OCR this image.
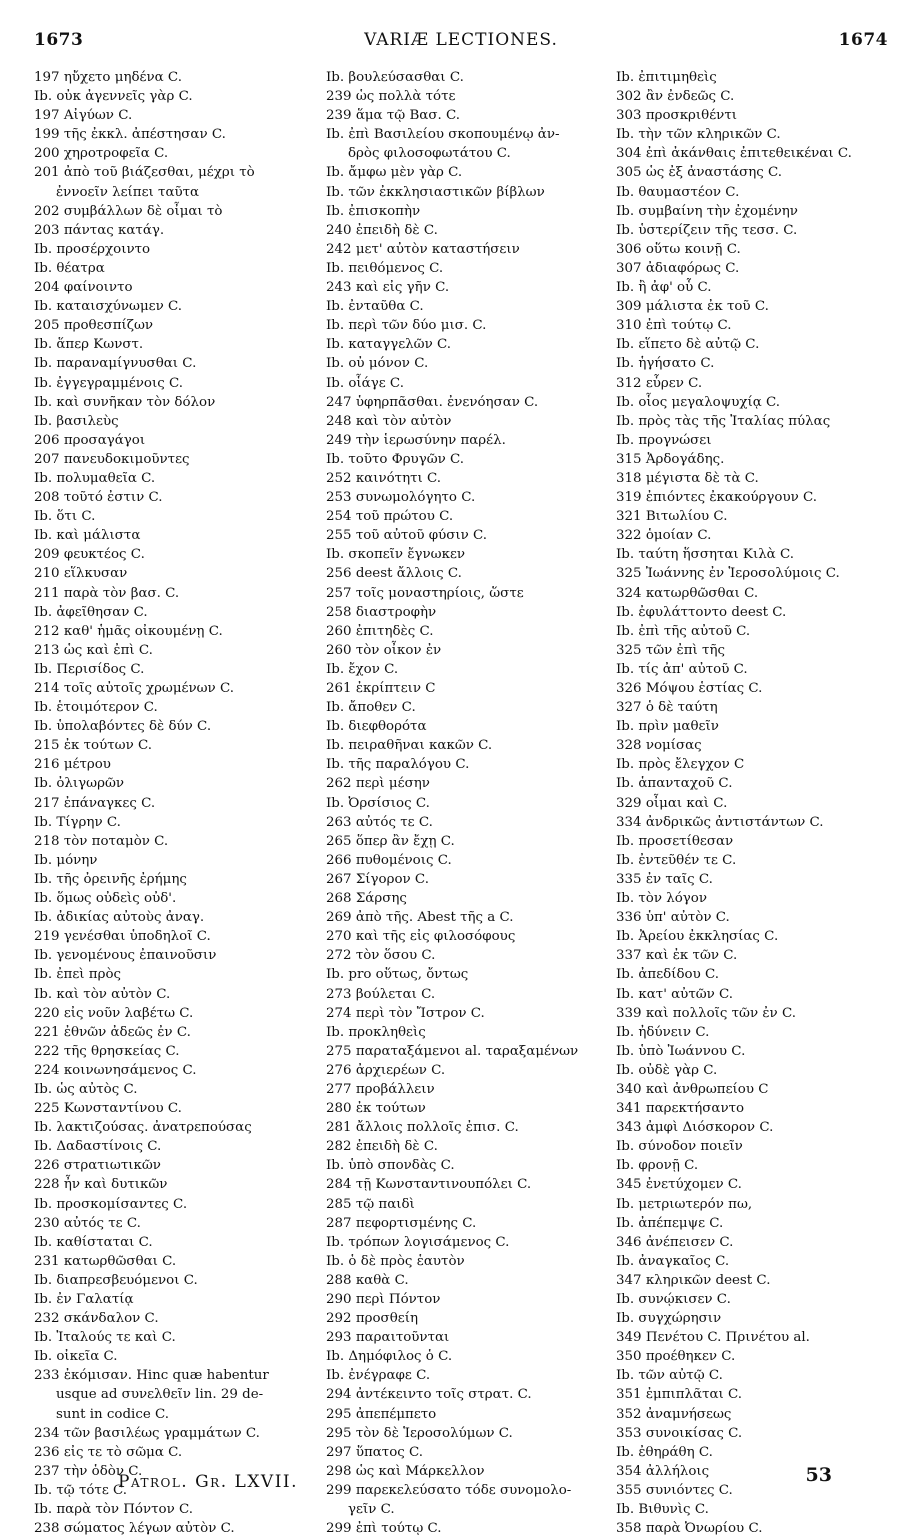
1673	VARIÆ LECTIONES.	1674
197 ηὔχετο μηδένα C.
Ib. οὐκ ἀγεννεῖς γὰρ C.
197 Αἰγύων C.
199 τῆς ἐκκλ. ἀπέστησαν C.
200 χηροτροφεῖα C.
201 ἀπὸ τοῦ βιάζεσθαι, μέχρι τὸ
ἐννοεῖν λείπει ταῦτα
202 συμβάλλων δὲ οἶμαι τὸ
203 πάντας κατάγ.
Ib. προσέρχοιντο
Ib. θέατρα
204 φαίνοιντο
Ib. καταισχύνωμεν C.
205 προθεσπίζων
Ib. ἅπερ Κωνστ.
Ib. παραναμίγνυσθαι C.
Ib. ἐγγεγραμμένοις C.
Ib. καὶ συνῆκαν τὸν δόλον
Ib. βασιλεὺς
206 προσαγάγοι
207 πανευδοκιμοῦντες
Ib. πολυμαθεῖα C.
208 τοῦτό ἐστιν C.
Ib. ὅτι C.
Ib. καὶ μάλιστα
209 φευκτέος C.
210 εἵλκυσαν
211 παρὰ τὸν βασ. C.
Ib. ἀφεῖθησαν C.
212 καθ' ἡμᾶς οἰκουμένῃ C.
213 ὡς καὶ ἐπὶ C.
Ib. Περισίδος C.
214 τοῖς αὐτοῖς χρωμένων C.
Ib. ἑτοιμότερον C.
Ib. ὑπολαβόντες δὲ δύν C.
215 ἐκ τούτων C.
216 μέτρου
Ib. ὀλιγωρῶν
217 ἐπάναγκες C.
Ib. Τίγρην C.
218 τὸν ποταμὸν C.
Ib. μόνην
Ib. τῆς ὀρεινῆς ἐρήμης
Ib. ὅμως οὐδεὶς οὐδ'.
Ib. ἀδικίας αὐτοὺς ἀναγ.
219 γενέσθαι ὑποδηλοῖ C.
Ib. γενομένους ἐπαινοῦσιν
Ib. ἐπεὶ πρὸς
Ib. καὶ τὸν αὐτὸν C.
220 εἰς νοῦν λαβέτω C.
221 ἐθνῶν ἀδεῶς ἐν C.
222 τῆς θρησκείας C.
224 κοινωνησάμενος C.
Ib. ὡς αὐτὸς C.
225 Κωνσταντίνου C.
Ib. λακτιζούσας. ἀνατρεπούσας
Ib. Δαδαστίνοις C.
226 στρατιωτικῶν
228 ἦν καὶ δυτικῶν
Ib. προσκομίσαντες C.
230 αὐτός τε C.
Ib. καθίσταται C.
231 κατωρθῶσθαι C.
Ib. διαπρεσβευόμενοι C.
Ib. ἐν Γαλατίᾳ
232 σκάνδαλον C.
Ib. Ἰταλούς τε καὶ C.
Ib. οἰκεῖα C.
233 ἐκόμισαν. Hinc quæ habentur
usque ad συνελθεῖν lin. 29 de-
sunt in codice C.
234 τῶν βασιλέως γραμμάτων C.
236 εἰς τε τὸ σῶμα C.
237 τὴν ὁδὸν C.
Ib. τῷ τότε C.
Ib. παρὰ τὸν Πόντον C.
238 σώματος λέγων αὐτὸν C.
Ib. βουλεύσασθαι C.
239 ὡς πολλὰ τότε
239 ἅμα τῷ Βασ. C.
Ib. ἐπὶ Βασιλείου σκοπουμένῳ ἀν-
δρὸς φιλοσοφωτάτου C.
Ib. ἄμφω μὲν γὰρ C.
Ib. τῶν ἐκκλησιαστικῶν βίβλων
Ib. ἐπισκοπὴν
240 ἐπειδὴ δὲ C.
242 μετ' αὐτὸν καταστήσειν
Ib. πειθόμενος C.
243 καὶ εἰς γῆν C.
Ib. ἐνταῦθα C.
Ib. περὶ τῶν δύο μισ. C.
Ib. καταγγελῶν C.
Ib. οὐ μόνον C.
Ib. οἷάγε C.
247 ὑφηρπᾶσθαι. ἐνενόησαν C.
248 καὶ τὸν αὐτὸν
249 τὴν ἱερωσύνην παρέλ.
Ib. τοῦτο Φρυγῶν C.
252 καινότητι C.
253 συνωμολόγητο C.
254 τοῦ πρώτου C.
255 τοῦ αὐτοῦ φύσιν C.
Ib. σκοπεῖν ἔγνωκεν
256 deest ἄλλοις C.
257 τοῖς μοναστηρίοις, ὥστε
258 διαστροφὴν
260 ἐπιτηδὲς C.
260 τὸν οἶκον ἐν
Ib. ἔχον C.
261 ἐκρίπτειν C
Ib. ἄποθεν C.
Ib. διεφθορότα
Ib. πειραθῆναι κακῶν C.
Ib. τῆς παραλόγου C.
262 περὶ μέσην
Ib. Ὀρσίσιος C.
263 αὐτός τε C.
265 ὅπερ ἂν ἔχῃ C.
266 πυθομένοις C.
267 Σίγορον C.
268 Σάρσης
269 ἀπὸ τῆς. Abest τῆς a C.
270 καὶ τῆς εἰς φιλοσόφους
272 τὸν ὅσου C.
Ib. pro οὕτως, ὄντως
273 βούλεται C.
274 περὶ τὸν Ἴστρον C.
Ib. προκληθεὶς
275 παραταξάμενοι al. ταραξαμένων
276 ἀρχιερέων C.
277 προβάλλειν
280 ἐκ τούτων
281 ἄλλοις πολλοῖς ἐπισ. C.
282 ἐπειδὴ δὲ C.
Ib. ὑπὸ σπονδὰς C.
284 τῇ Κωνσταντινουπόλει C.
285 τῷ παιδὶ
287 πεφορτισμένης C.
Ib. τρόπων λογισάμενος C.
Ib. ὁ δὲ πρὸς ἑαυτὸν
288 καθὰ C.
290 περὶ Πόντον
292 προσθείη
293 παραιτοῦνται
Ib. Δημόφιλος ὁ C.
Ib. ἐνέγραφε C.
294 ἀντέκειντο τοῖς στρατ. C.
295 ἀπεπέμπετο
295 τὸν δὲ Ἱεροσολύμων C.
297 ὕπατος C.
298 ὡς καὶ Μάρκελλον
299 παρεκελεύσατο τόδε συνομολο-
γεῖν C.
299 ἐπὶ τούτῳ C.
Ib. ἐπιτιμηθεὶς
302 ἂν ἐνδεῶς C.
303 προσκριθέντι
Ib. τὴν τῶν κληρικῶν C.
304 ἐπὶ ἀκάνθαις ἐπιτεθεικέναι C.
305 ὡς ἐξ ἀναστάσης C.
Ib. θαυμαστέον C.
Ib. συμβαίνη τὴν ἐχομένην
Ib. ὑστερίζειν τῆς τεσσ. C.
306 οὕτω κοινῇ C.
307 ἀδιαφόρως C.
Ib. ἢ ἀφ' οὗ C.
309 μάλιστα ἐκ τοῦ C.
310 ἐπὶ τούτῳ C.
Ib. εἵπετο δὲ αὐτῷ C.
Ib. ἡγήσατο C.
312 εὗρεν C.
Ib. οἷος μεγαλοψυχίᾳ C.
Ib. πρὸς τὰς τῆς Ἰταλίας πύλας
Ib. προγνώσει
315 Ἀρδογάδης.
318 μέγιστα δὲ τὰ C.
319 ἐπιόντες ἐκακούργουν C.
321 Βιτωλίου C.
322 ὁμοίαν C.
Ib. ταύτη ἥσσηται Κιλὰ C.
325 Ἰωάννης ἐν Ἱεροσολύμοις C.
324 κατωρθῶσθαι C.
Ib. ἐφυλάττοντο deest C.
Ib. ἐπὶ τῆς αὐτοῦ C.
325 τῶν ἐπὶ τῆς
Ib. τίς ἀπ' αὐτοῦ C.
326 Μόψου ἑστίας C.
327 ὁ δὲ ταύτη
Ib. πρὶν μαθεῖν
328 νομίσας
Ib. πρὸς ἔλεγχον C
Ib. ἁπανταχοῦ C.
329 οἶμαι καὶ C.
334 ἀνδρικῶς ἀντιστάντων C.
Ib. προσετίθεσαν
Ib. ἐντεῦθέν τε C.
335 ἐν ταῖς C.
Ib. τὸν λόγον
336 ὑπ' αὐτὸν C.
Ib. Ἀρείου ἐκκλησίας C.
337 καὶ ἐκ τῶν C.
Ib. ἀπεδίδου C.
Ib. κατ' αὐτῶν C.
339 καὶ πολλοῖς τῶν ἐν C.
Ib. ἠδύνειν C.
Ib. ὑπὸ Ἰωάννου C.
Ib. οὐδὲ γὰρ C.
340 καὶ ἀνθρωπείου C
341 παρεκτήσαντο
343 ἀμφὶ Διόσκορον C.
Ib. σύνοδον ποιεῖν
Ib. φρονῇ C.
345 ἐνετύχομεν C.
Ib. μετριωτερόν πω,
Ib. ἀπέπεμψε C.
346 ἀνέπεισεν C.
Ib. ἀναγκαῖος C.
347 κληρικῶν deest C.
Ib. συνῴκισεν C.
Ib. συγχώρησιν
349 Πενέτου C. Πρινέτου al.
350 προέθηκεν C.
Ib. τῶν αὐτῷ C.
351 ἐμπιπλᾶται C.
352 ἀναμνήσεως
353 συνοικίσας C.
Ib. ἐθηράθη C.
354 ἀλλήλοις
355 συνιόντες C.
Ib. Βιθυνὶς C.
358 παρὰ Ὀνωρίου C.
Patrol. Gr. LXVII.	53
